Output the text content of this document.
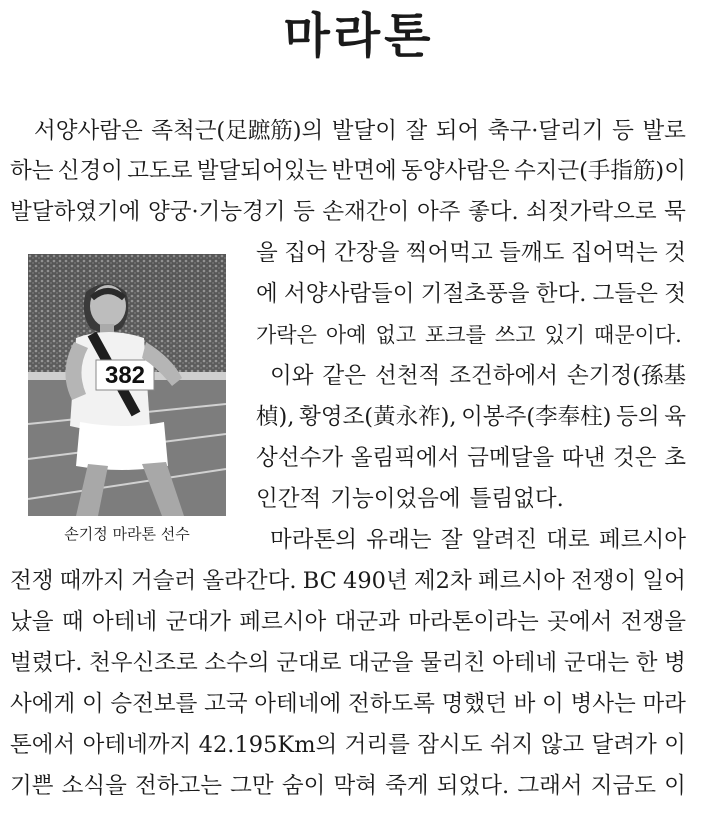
마라톤
382
손기정 마라톤 선수
서양사람은 족척근(足蹠筋)의 발달이 잘 되어 축구·달리기 등 발로
하는 신경이 고도로 발달되어있는 반면에 동양사람은 수지근(手指筋)이
발달하였기에 양궁·기능경기 등 손재간이 아주 좋다. 쇠젓가락으로 묵
을 집어 간장을 찍어먹고 들깨도 집어먹는 것
에 서양사람들이 기절초풍을 한다. 그들은 젓
가락은 아예 없고 포크를 쓰고 있기 때문이다.
이와 같은 선천적 조건하에서 손기정(孫基
楨), 황영조(黃永祚), 이봉주(李奉柱) 등의 육
상선수가 올림픽에서 금메달을 따낸 것은 초
인간적 기능이었음에 틀림없다.
마라톤의 유래는 잘 알려진 대로 페르시아
전쟁 때까지 거슬러 올라간다. BC 490년 제2차 페르시아 전쟁이 일어
났을 때 아테네 군대가 페르시아 대군과 마라톤이라는 곳에서 전쟁을
벌렸다. 천우신조로 소수의 군대로 대군을 물리친 아테네 군대는 한 병
사에게 이 승전보를 고국 아테네에 전하도록 명했던 바 이 병사는 마라
톤에서 아테네까지 42.195Km의 거리를 잠시도 쉬지 않고 달려가 이
기쁜 소식을 전하고는 그만 숨이 막혀 죽게 되었다. 그래서 지금도 이
